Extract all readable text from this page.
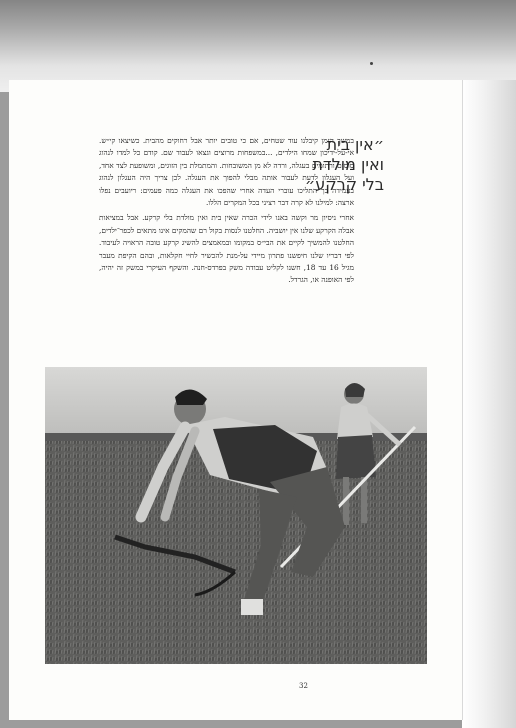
״אין בית
ואין מולדת
בלי קרקע״

במשך הזמן קיבלנו עוד שטחים, אם כי טובים יותר אבל רחוקים מהבית. כשיצאו קי״ש. אי-על-ידיכון שמחו הילדים, ...במשפחות מרוצים וגצאו לעבוד שם. קודם כל למדו לנהוג סוסים ורתומים בעגלה, ורדה לא מן המשובחות. והמתמלת בין הזוגים, ומשופעת לצד אחד, ועל העגלון לדעת לעבור אותה מבלי להפוך את העגלה. לכן צריך היה העגלון לנהוג בעמידה כך התליכו עוברי העדה אחרי שהפכו את העגלה כמה פעמים: ריועבים נפלו ארצה: למילנו לא קרה דבר רציני בכל המקרים הללו.

אחרי ניסיון מר וקשה באנו לידי הכרה שאין בית ואין מולדת בלי קרקע. אבל במציאות אבלה הקרקע שלנו אין יושביה. החלטנו לנסות בקול רם שהמקים אינו מתאים לכפר־ילדים, החלטנו להמשיך לקיים את הבי״ס במקומו ובמאמצים להשיג קרקע טובה הראויה לעיבוד. לפי דבריו שלנו חיפשנו פתרון מיידי על-מנת להכשיר לחיי חקלאות, ובהם הקיפת מעבר מגיל 16 עד 18, חשנו לקליט עבודה משק בפרדס-חנה. והשקף העיקרי במשק זה יהיה, לפי האופנה או, הגרדל.

32
